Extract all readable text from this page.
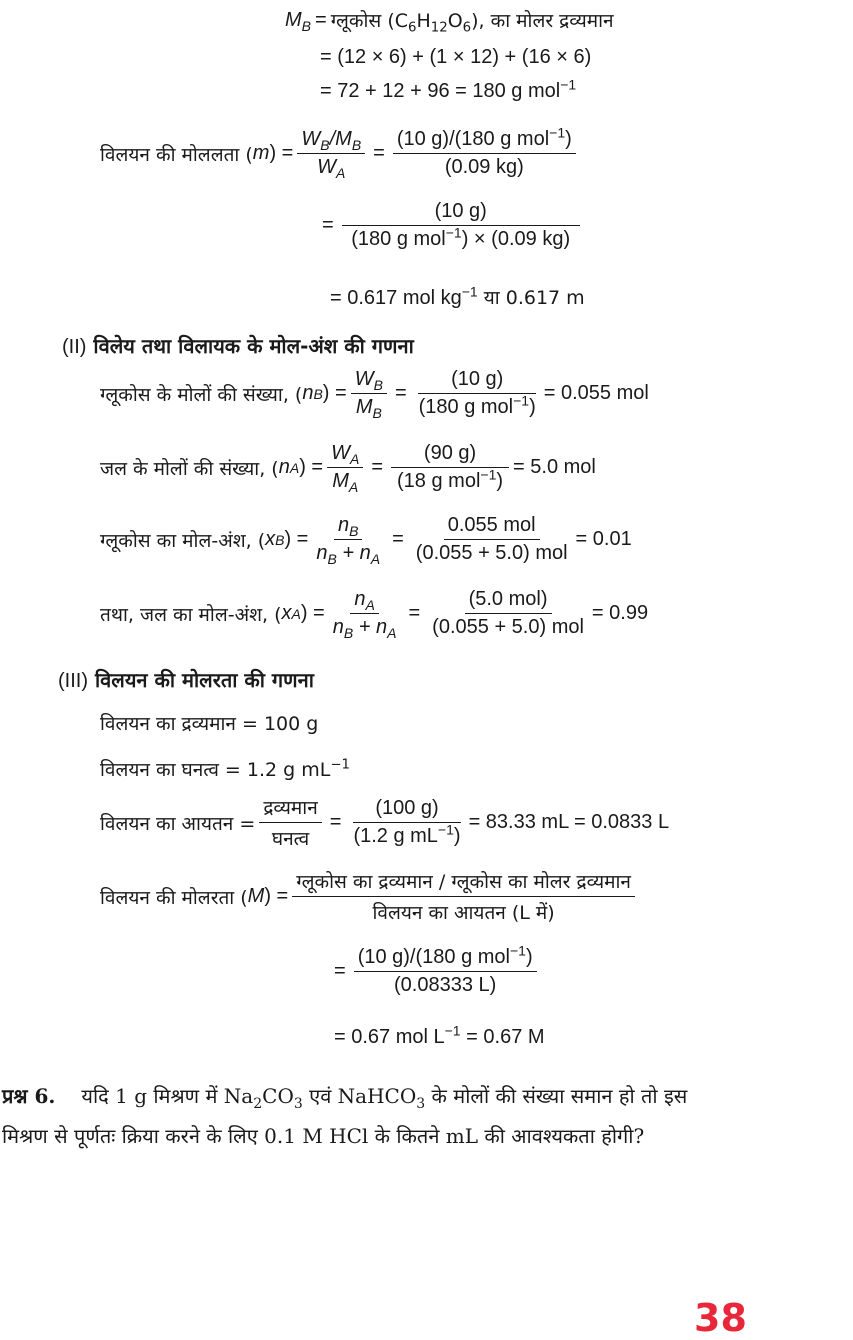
$M_B$ = ग्लूकोस $(C_6H_{12}O_6)$, का मोलर द्रव्यमान
= (12 × 6) + (1 × 12) + (16 × 6)
= 72 + 12 + 96 = 180 g mol$^{-1}$
विलयन की मोललता ( m ) = $\frac{W_B/M_B}{W_A} = \frac{(10 g)/(180 g mol^{-1})}{(0.09 kg)}$
= $\frac{(10 g)}{(180 g mol^{-1}) \times (0.09 kg)}$
= 0.617 mol $kg^{-1}$ या 0.617 m
(II) विलेय तथा विलायक के मोल-अंश की गणना
ग्लूकोस के मोलों की संख्या, ( n B ) = $\frac{W_B}{M_B} = \frac{(10 g)}{(180 g mol^{-1})} = 0.055$ mol
जल के मोलों की संख्या, ( n A ) = $\frac{W_A}{M_A} = \frac{(90 g)}{(18 g mol^{-1})} = 5.0$ mol
ग्लूकोस का मोल-अंश, ( x B ) = $\frac{n_B}{n_B + n_A} = \frac{\text{0.055 mol}}{\text{(0.055 + 5.0) mol}} = 0.01$
तथा, जल का मोल-अंश, ( x A ) = $\frac{n_A}{n_B + n_A} = \frac{\text{(5.0 mol)}}{\text{(0.055 + 5.0) mol}} = 0.99$
(III) विलयन की मोलरता की गणना
विलयन का द्रव्यमान = 100 g
विलयन का घनत्व = 1.2 g $mL^{-1}$
विलयन का आयतन = $\frac{\text{द्रव्यमान}}{\text{घनत्व}} = \frac{(100 g)}{(1.2 g mL^{-1})} = 83.33$ mL = 0.0833 L
विलयन की मोलरता ( M ) = $\frac{\text{ग्लूकोस का द्रव्यमान / ग्लूकोस का मोलर द्रव्यमान}}{\text{विलयन का आयतन (L में)}}$
= $\frac{(10 g)/(180 g mol^{-1})}{(0.08333 L)}$
= 0.67 mol $L^{-1} = 0.67$ M
प्रश्न 6. यदि 1 g मिश्रण में $Na_2CO_3$ एवं NaHCO$_3$ के मोलों की संख्या समान हो तो इस
मिश्रण से पूर्णतः क्रिया करने के लिए 0.1 M HCl के कितने mL की आवश्यकता होगी?
38
